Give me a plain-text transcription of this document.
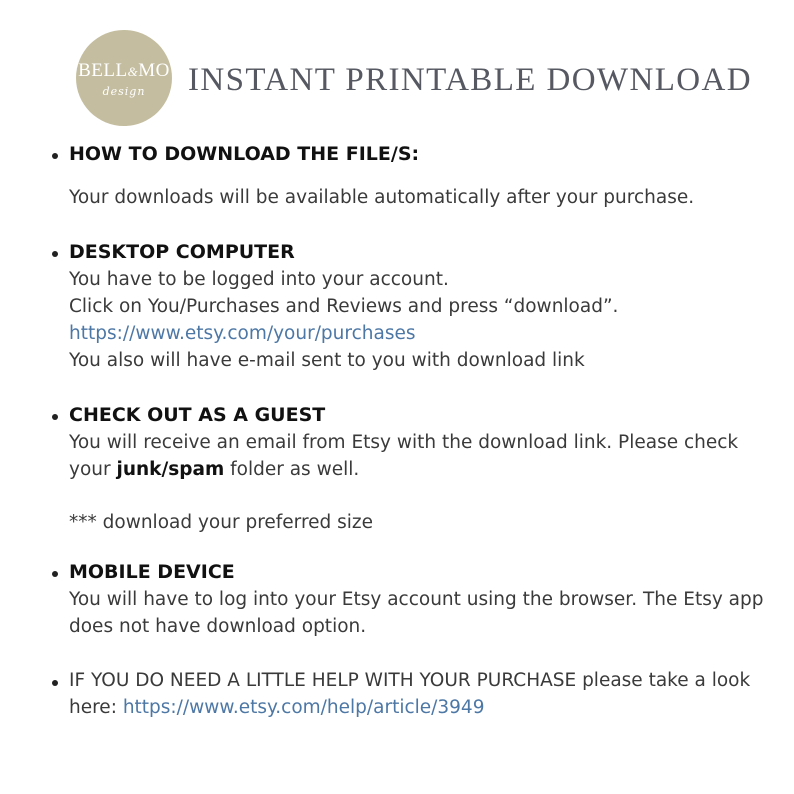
BELL&MO
design	INSTANT PRINTABLE DOWNLOAD
HOW TO DOWNLOAD THE FILE/S:
Your downloads will be available automatically after your purchase.
DESKTOP COMPUTER
You have to be logged into your account.
Click on You/Purchases and Reviews and press “download”.
https://www.etsy.com/your/purchases
You also will have e-mail sent to you with download link
CHECK OUT AS A GUEST
You will receive an email from Etsy with the download link. Please check
your junk/spam folder as well.
*** download your preferred size
MOBILE DEVICE
You will have to log into your Etsy account using the browser. The Etsy app
does not have download option.
IF YOU DO NEED A LITTLE HELP WITH YOUR PURCHASE please take a look
here: https://www.etsy.com/help/article/3949
